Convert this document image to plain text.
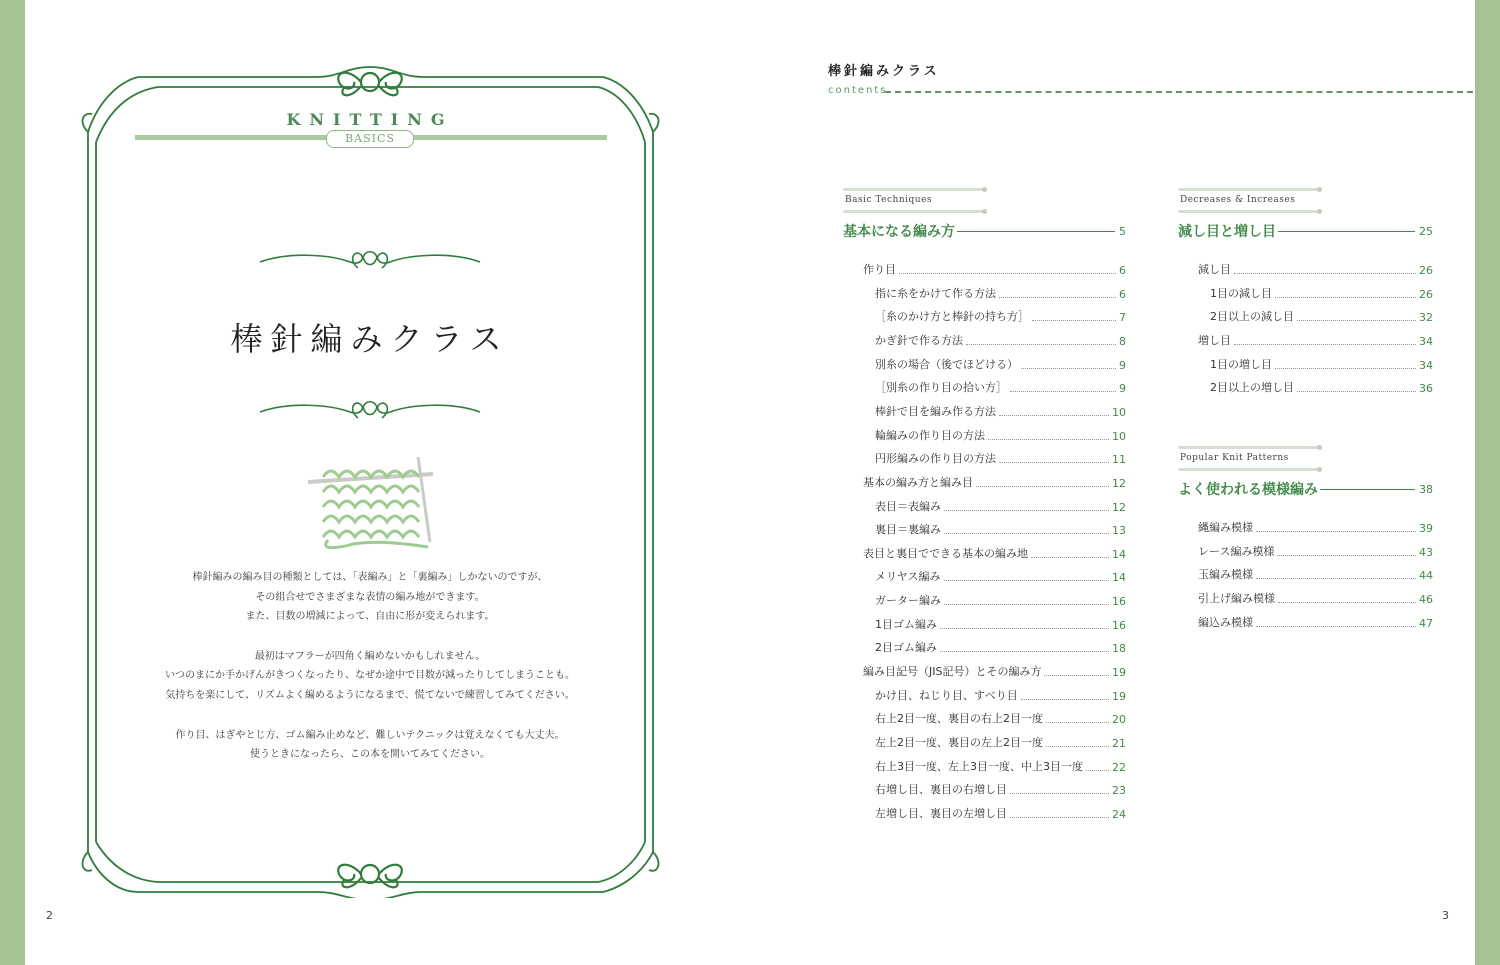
KNITTING
BASICS
棒針編みクラス

棒針編みの編み目の種類としては、「表編み」と「裏編み」しかないのですが、
その組合せでさまざまな表情の編み地ができます。
また、目数の増減によって、自由に形が変えられます。

最初はマフラーが四角く編めないかもしれません。
いつのまにか手かげんがきつくなったり、なぜか途中で目数が減ったりしてしまうことも。
気持ちを楽にして、リズムよく編めるようになるまで、慌てないで練習してみてください。

作り目、はぎやとじ方、ゴム編み止めなど、難しいテクニックは覚えなくても大丈夫。
使うときになったら、この本を開いてみてください。

2
棒針編みクラス
contents
Basic Techniques
基本になる編み方	5
作り目	6
指に糸をかけて作る方法	6
［糸のかけ方と棒針の持ち方］	7
かぎ針で作る方法	8
別糸の場合（後でほどける）	9
［別糸の作り目の拾い方］	9
棒針で目を編み作る方法	10
輪編みの作り目の方法	10
円形編みの作り目の方法	11
基本の編み方と編み目	12
表目＝表編み	12
裏目＝裏編み	13
表目と裏目でできる基本の編み地	14
メリヤス編み	14
ガーター編み	16
1目ゴム編み	16
2目ゴム編み	18
編み目記号（JIS記号）とその編み方	19
かけ目、ねじり目、すべり目	19
右上2目一度、裏目の右上2目一度	20
左上2目一度、裏目の左上2目一度	21
右上3目一度、左上3目一度、中上3目一度	22
右増し目、裏目の右増し目	23
左増し目、裏目の左増し目	24
Decreases & Increases
減し目と増し目	25
減し目	26
1目の減し目	26
2目以上の減し目	32
増し目	34
1目の増し目	34
2目以上の増し目	36
Popular Knit Patterns
よく使われる模様編み	38
縄編み模様	39
レース編み模様	43
玉編み模様	44
引上げ編み模様	46
編込み模様	47
3
